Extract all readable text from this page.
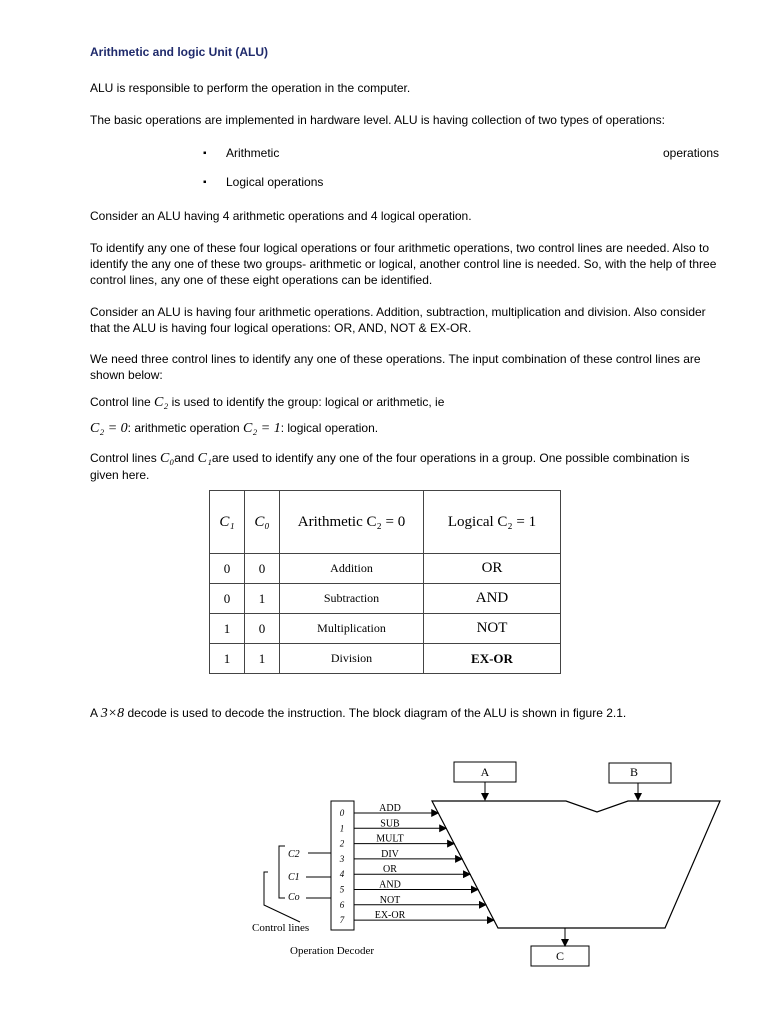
Arithmetic and logic Unit (ALU)
ALU is responsible to perform the operation in the computer.
The basic operations are implemented in hardware level. ALU is having collection of two types of operations:
▪ Arithmetic	operations
▪ Logical operations
Consider an ALU having 4 arithmetic operations and 4 logical operation.
To identify any one of these four logical operations or four arithmetic operations, two control lines are needed. Also to identify the any one of these two groups- arithmetic or logical, another control line is needed. So, with the help of three control lines, any one of these eight operations can be identified.
Consider an ALU is having four arithmetic operations. Addition, subtraction, multiplication and division. Also consider that the ALU is having four logical operations: OR, AND, NOT & EX-OR.
We need three control lines to identify any one of these operations. The input combination of these control lines are shown below:
Control line C₂ is used to identify the group: logical or arithmetic, ie
C₂ = 0: arithmetic operation C₂ = 1: logical operation.
Control lines C₀and C₁are used to identify any one of the four operations in a group. One possible combination is given here.
C₁	C₀	Arithmetic C₂ = 0	Logical C₂ = 1
0	0	Addition	OR
0	1	Subtraction	AND
1	0	Multiplication	NOT
1	1	Division	EX-OR
A 3×8 decode is used to decode the instruction. The block diagram of the ALU is shown in figure 2.1.
A	B
C
0	ADD
1	SUB
2	MULT
3	DIV
4	OR
5	AND
6	NOT
7	EX-OR
C2
C1
Co
Control lines
Operation Decoder
